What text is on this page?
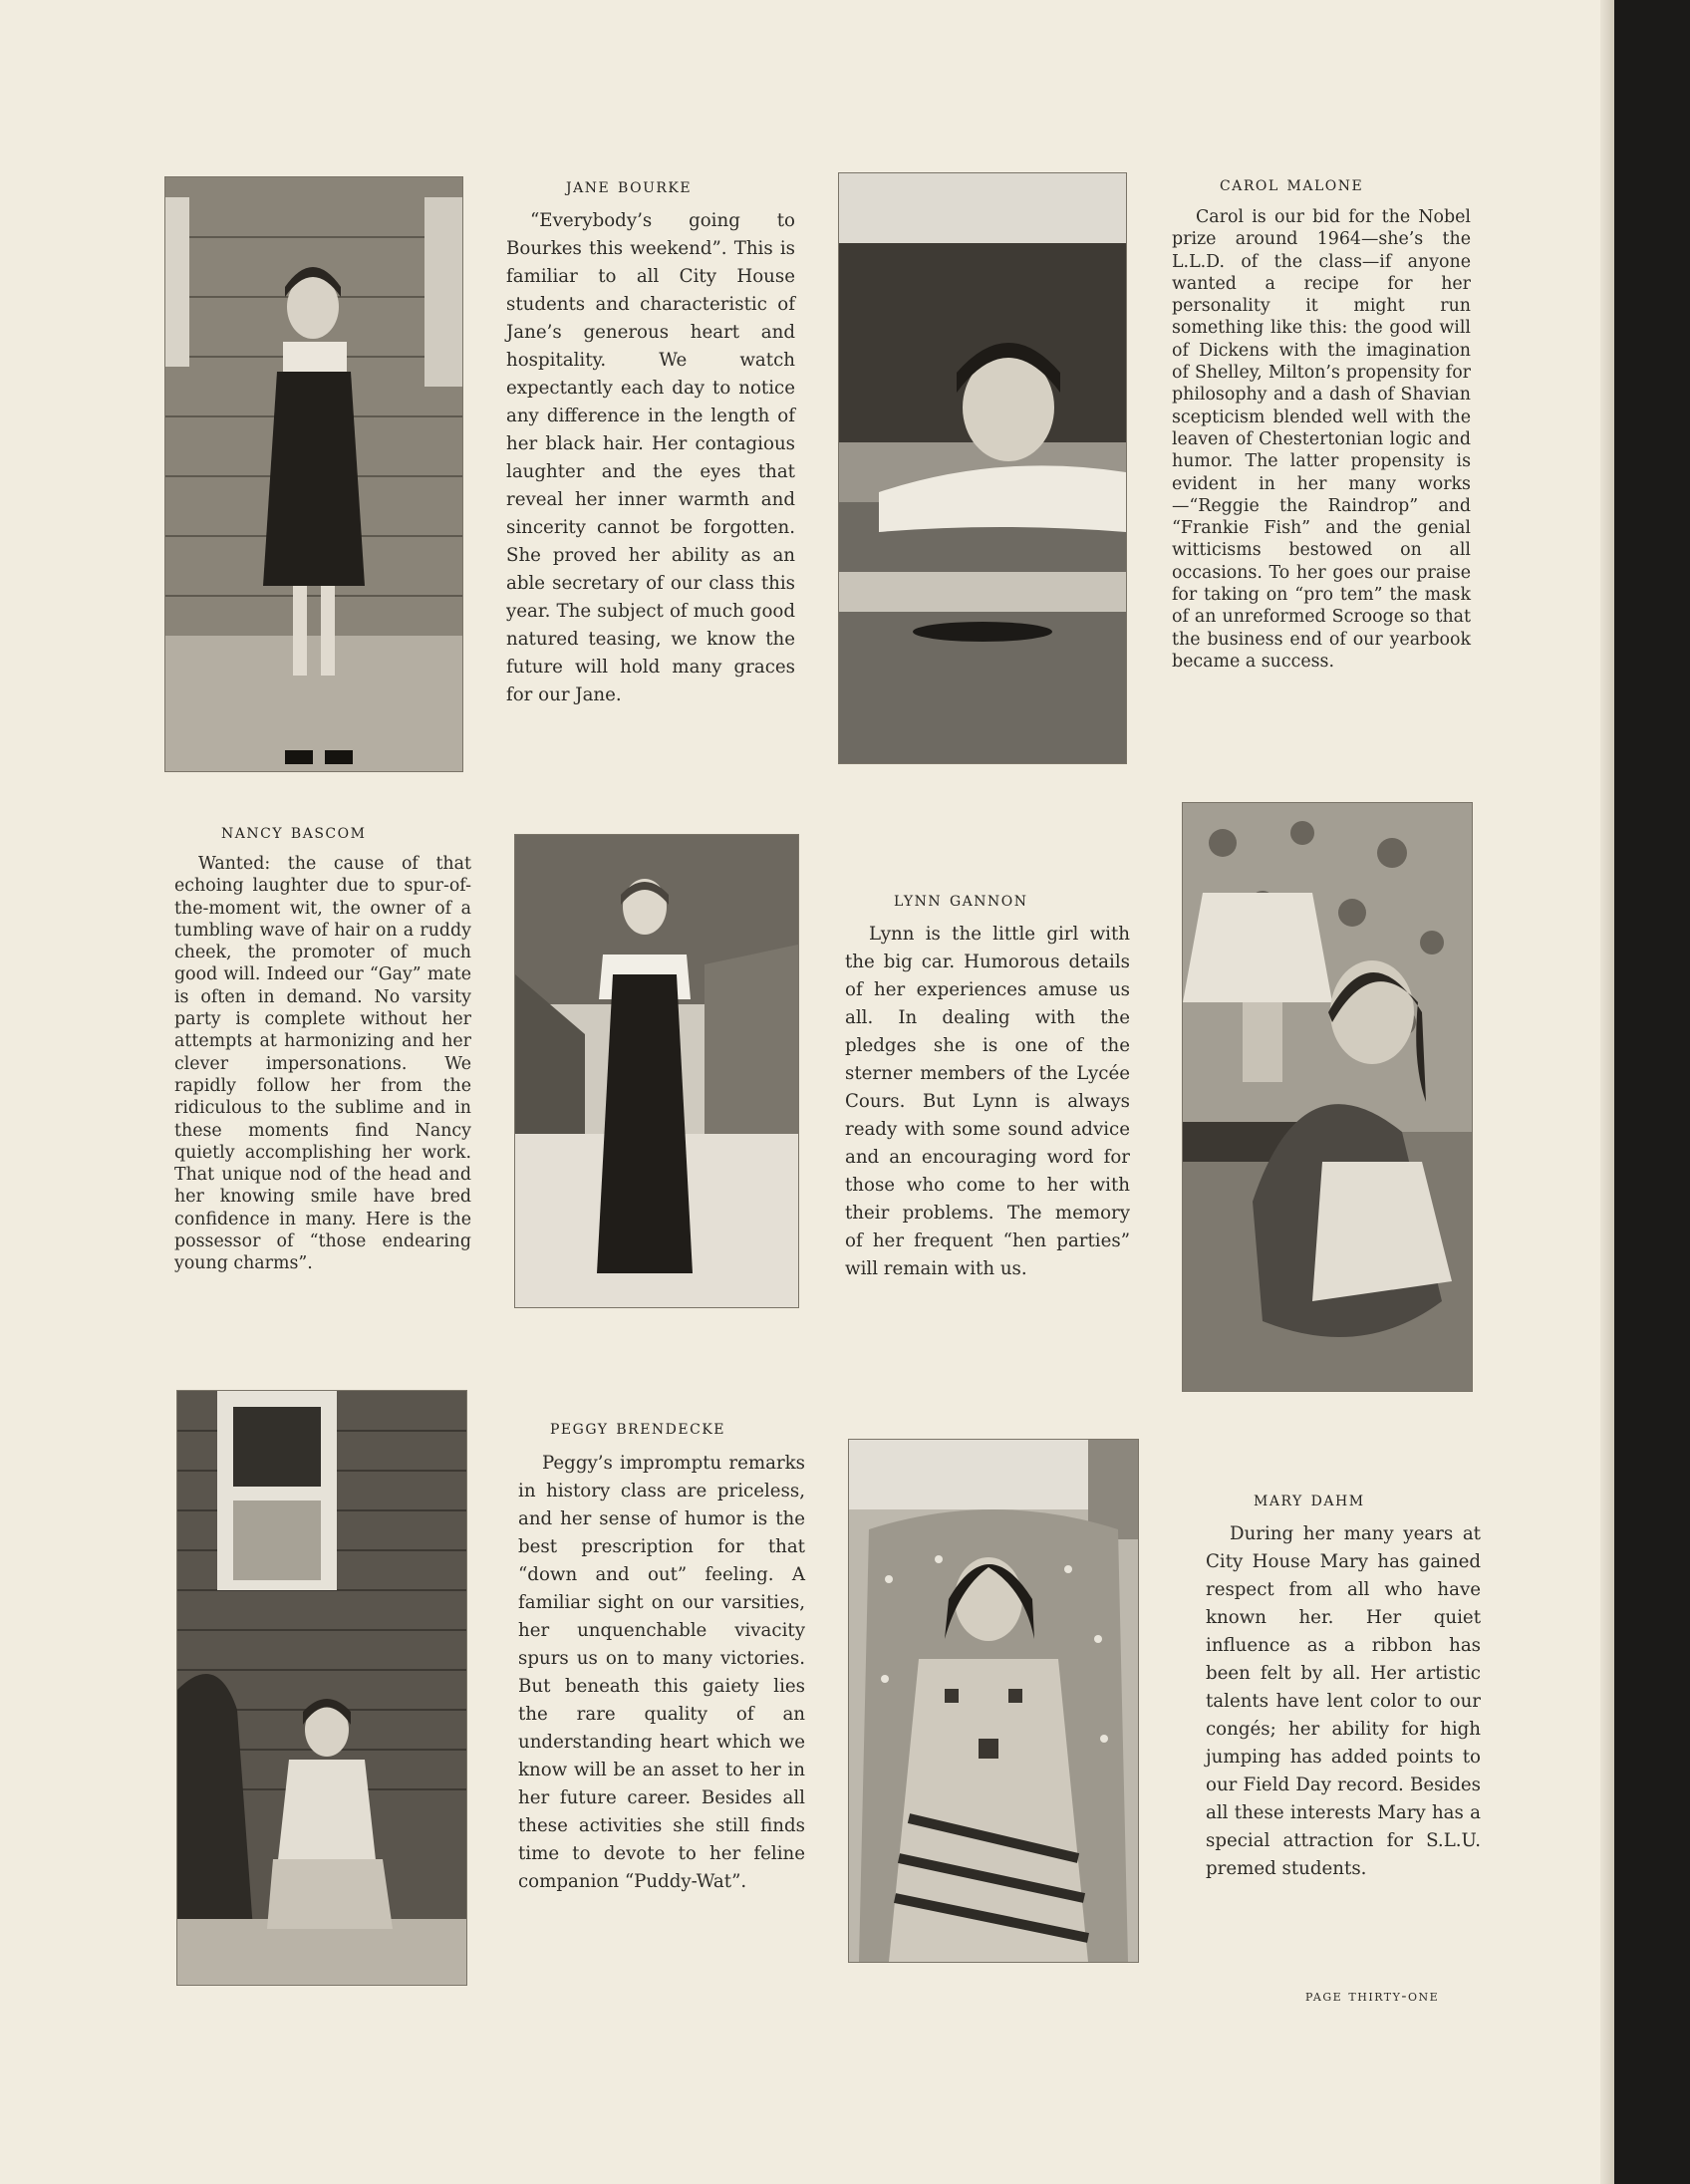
jane bourke

“Everybody’s going to Bourkes this weekend”. This is familiar to all City House students and characteristic of Jane’s generous heart and hospitality. We watch expectantly each day to notice any difference in the length of her black hair. Her contagious laughter and the eyes that reveal her inner warmth and sincerity cannot be forgotten. She proved her ability as an able secretary of our class this year. The subject of much good natured teasing, we know the future will hold many graces for our Jane.

carol malone

Carol is our bid for the Nobel prize around 1964—she’s the L.L.D. of the class—if anyone wanted a recipe for her personality it might run something like this: the good will of Dickens with the imagination of Shelley, Milton’s propensity for philosophy and a dash of Shavian scepticism blended well with the leaven of Chestertonian logic and humor. The latter propensity is evident in her many works—“Reggie the Raindrop” and “Frankie Fish” and the genial witticisms bestowed on all occasions. To her goes our praise for taking on “pro tem” the mask of an unreformed Scrooge so that the business end of our yearbook became a success.

nancy bascom

Wanted: the cause of that echoing laughter due to spur-of-the-moment wit, the owner of a tumbling wave of hair on a ruddy cheek, the promoter of much good will. Indeed our “Gay” mate is often in demand. No varsity party is complete without her attempts at harmonizing and her clever impersonations. We rapidly follow her from the ridiculous to the sublime and in these moments find Nancy quietly accomplishing her work. That unique nod of the head and her knowing smile have bred confidence in many. Here is the possessor of “those endearing young charms”.

lynn gannon

Lynn is the little girl with the big car. Humorous details of her experiences amuse us all. In dealing with the pledges she is one of the sterner members of the Lycée Cours. But Lynn is always ready with some sound advice and an encouraging word for those who come to her with their problems. The memory of her frequent “hen parties” will remain with us.

peggy brendecke

Peggy’s impromptu remarks in history class are priceless, and her sense of humor is the best prescription for that “down and out” feeling. A familiar sight on our varsities, her unquenchable vivacity spurs us on to many victories. But beneath this gaiety lies the rare quality of an understanding heart which we know will be an asset to her in her future career. Besides all these activities she still finds time to devote to her feline companion “Puddy-Wat”.

mary dahm

During her many years at City House Mary has gained respect from all who have known her. Her quiet influence as a ribbon has been felt by all. Her artistic talents have lent color to our congés; her ability for high jumping has added points to our Field Day record. Besides all these interests Mary has a special attraction for S.L.U. premed students.

page thirty-one
